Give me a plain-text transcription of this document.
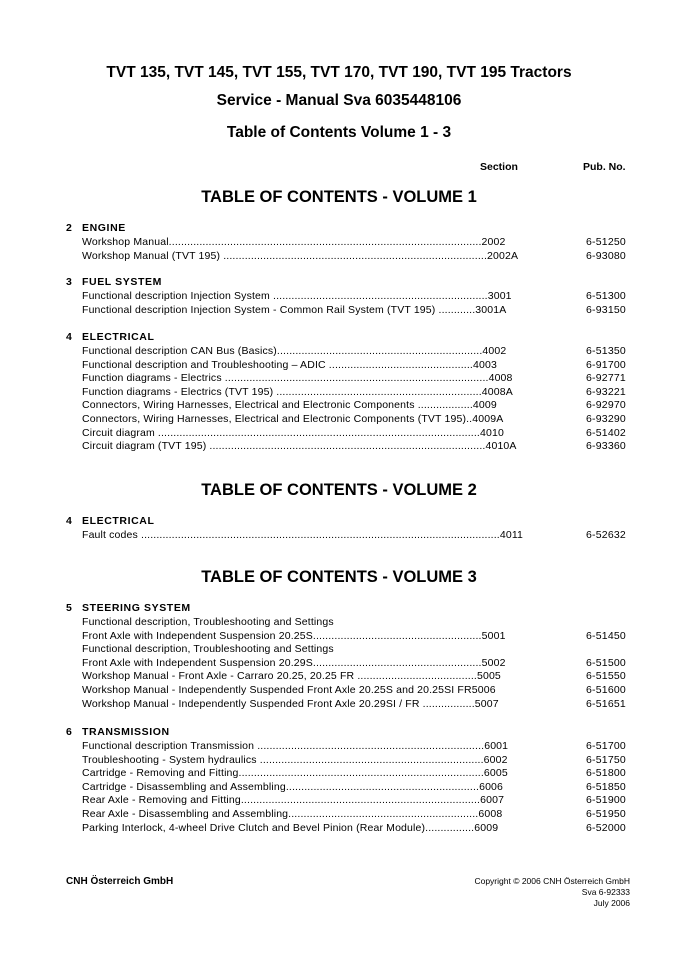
TVT 135, TVT 145, TVT 155, TVT 170, TVT 190, TVT 195 Tractors
Service - Manual Sva 6035448106
Table of Contents Volume 1 - 3
Section	Pub. No.
TABLE OF CONTENTS - VOLUME 1
2 ENGINE
Workshop Manual......................................................................................................2002	6-51250
Workshop Manual (TVT 195) ......................................................................................2002A	6-93080
3 FUEL SYSTEM
Functional description Injection System ......................................................................3001	6-51300
Functional description Injection System - Common Rail System (TVT 195) ............3001A	6-93150
4 ELECTRICAL
Functional description CAN Bus (Basics)...................................................................4002	6-51350
Functional description and Troubleshooting – ADIC ...............................................4003	6-91700
Function diagrams - Electrics ......................................................................................4008	6-92771
Function diagrams - Electrics (TVT 195) ...................................................................4008A	6-93221
Connectors, Wiring Harnesses, Electrical and Electronic Components ..................4009	6-92970
Connectors, Wiring Harnesses, Electrical and Electronic Components (TVT 195)..4009A	6-93290
Circuit diagram .........................................................................................................4010	6-51402
Circuit diagram (TVT 195) ..........................................................................................4010A	6-93360
TABLE OF CONTENTS - VOLUME 2
4 ELECTRICAL
Fault codes .....................................................................................................................4011	6-52632
TABLE OF CONTENTS - VOLUME 3
5 STEERING SYSTEM
Functional description, Troubleshooting and Settings
Front Axle with Independent Suspension 20.25S.......................................................5001	6-51450
Functional description, Troubleshooting and Settings
Front Axle with Independent Suspension 20.29S.......................................................5002	6-51500
Workshop Manual - Front Axle - Carraro 20.25, 20.25 FR .......................................5005	6-51550
Workshop Manual - Independently Suspended Front Axle 20.25S and 20.25SI FR5006	6-51600
Workshop Manual - Independently Suspended Front Axle 20.29SI / FR .................5007	6-51651
6 TRANSMISSION
Functional description Transmission ..........................................................................6001	6-51700
Troubleshooting - System hydraulics .........................................................................6002	6-51750
Cartridge - Removing and Fitting................................................................................6005	6-51800
Cartridge - Disassembling and Assembling...............................................................6006	6-51850
Rear Axle - Removing and Fitting..............................................................................6007	6-51900
Rear Axle - Disassembling and Assembling..............................................................6008	6-51950
Parking Interlock, 4-wheel Drive Clutch and Bevel Pinion (Rear Module)................6009	6-52000
CNH Österreich GmbH	Copyright © 2006 CNH Österreich GmbH
Sva 6-92333
July 2006
